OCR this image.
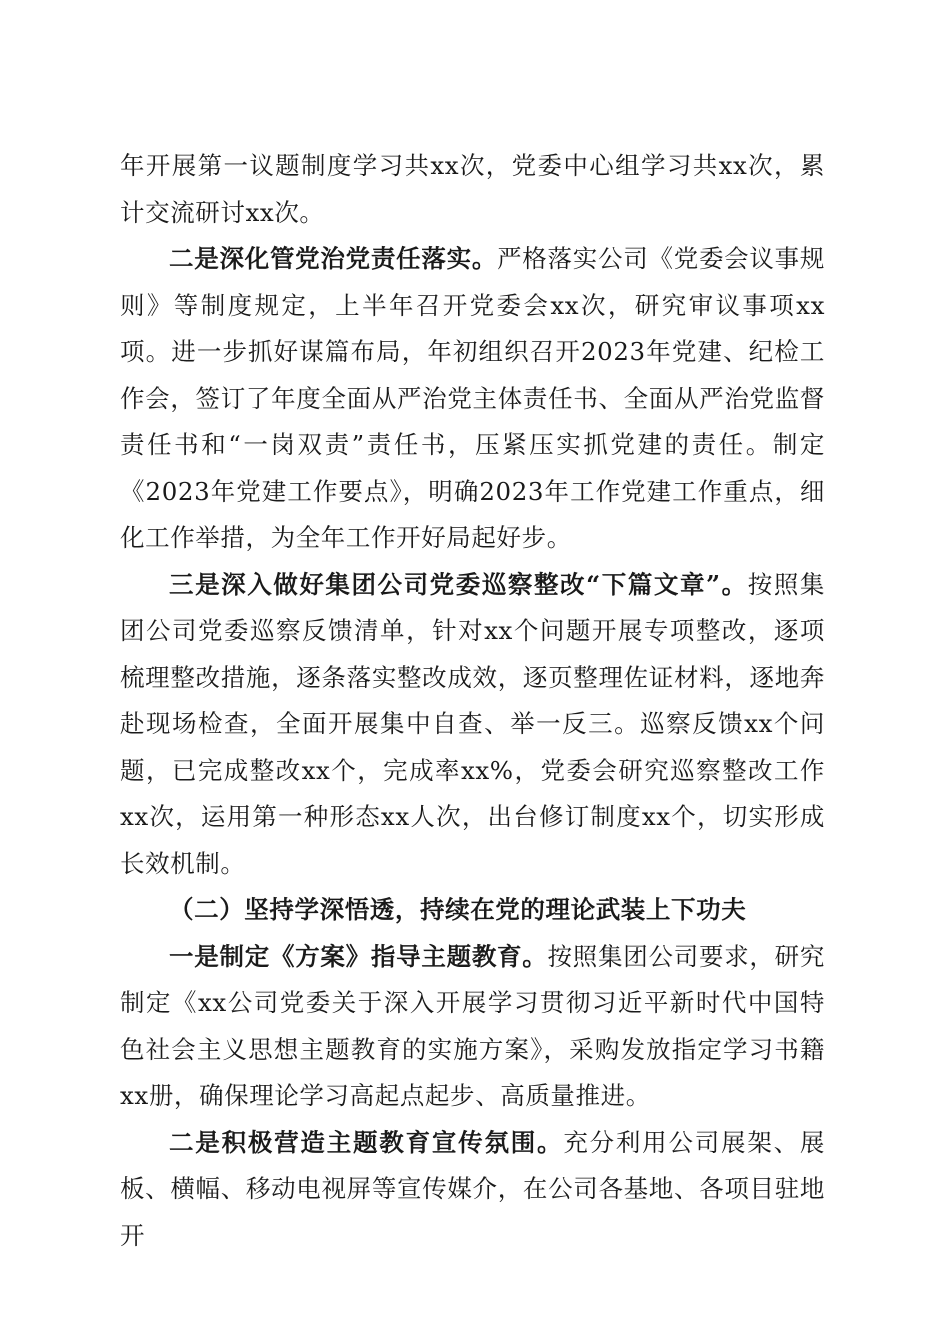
年开展第一议题制度学习共xx次，党委中心组学习共xx次，累计交流研讨xx次。

二是深化管党治党责任落实。严格落实公司《党委会议事规则》等制度规定，上半年召开党委会xx次，研究审议事项xx项。进一步抓好谋篇布局，年初组织召开2023年党建、纪检工作会，签订了年度全面从严治党主体责任书、全面从严治党监督责任书和“一岗双责”责任书，压紧压实抓党建的责任。制定《2023年党建工作要点》，明确2023年工作党建工作重点，细化工作举措，为全年工作开好局起好步。

三是深入做好集团公司党委巡察整改“下篇文章”。按照集团公司党委巡察反馈清单，针对xx个问题开展专项整改，逐项梳理整改措施，逐条落实整改成效，逐页整理佐证材料，逐地奔赴现场检查，全面开展集中自查、举一反三。巡察反馈xx个问题，已完成整改xx个，完成率xx%，党委会研究巡察整改工作xx次，运用第一种形态xx人次，出台修订制度xx个，切实形成长效机制。

（二）坚持学深悟透，持续在党的理论武装上下功夫

一是制定《方案》指导主题教育。按照集团公司要求，研究制定《xx公司党委关于深入开展学习贯彻习近平新时代中国特色社会主义思想主题教育的实施方案》，采购发放指定学习书籍xx册，确保理论学习高起点起步、高质量推进。

二是积极营造主题教育宣传氛围。充分利用公司展架、展板、横幅、移动电视屏等宣传媒介，在公司各基地、各项目驻地开
